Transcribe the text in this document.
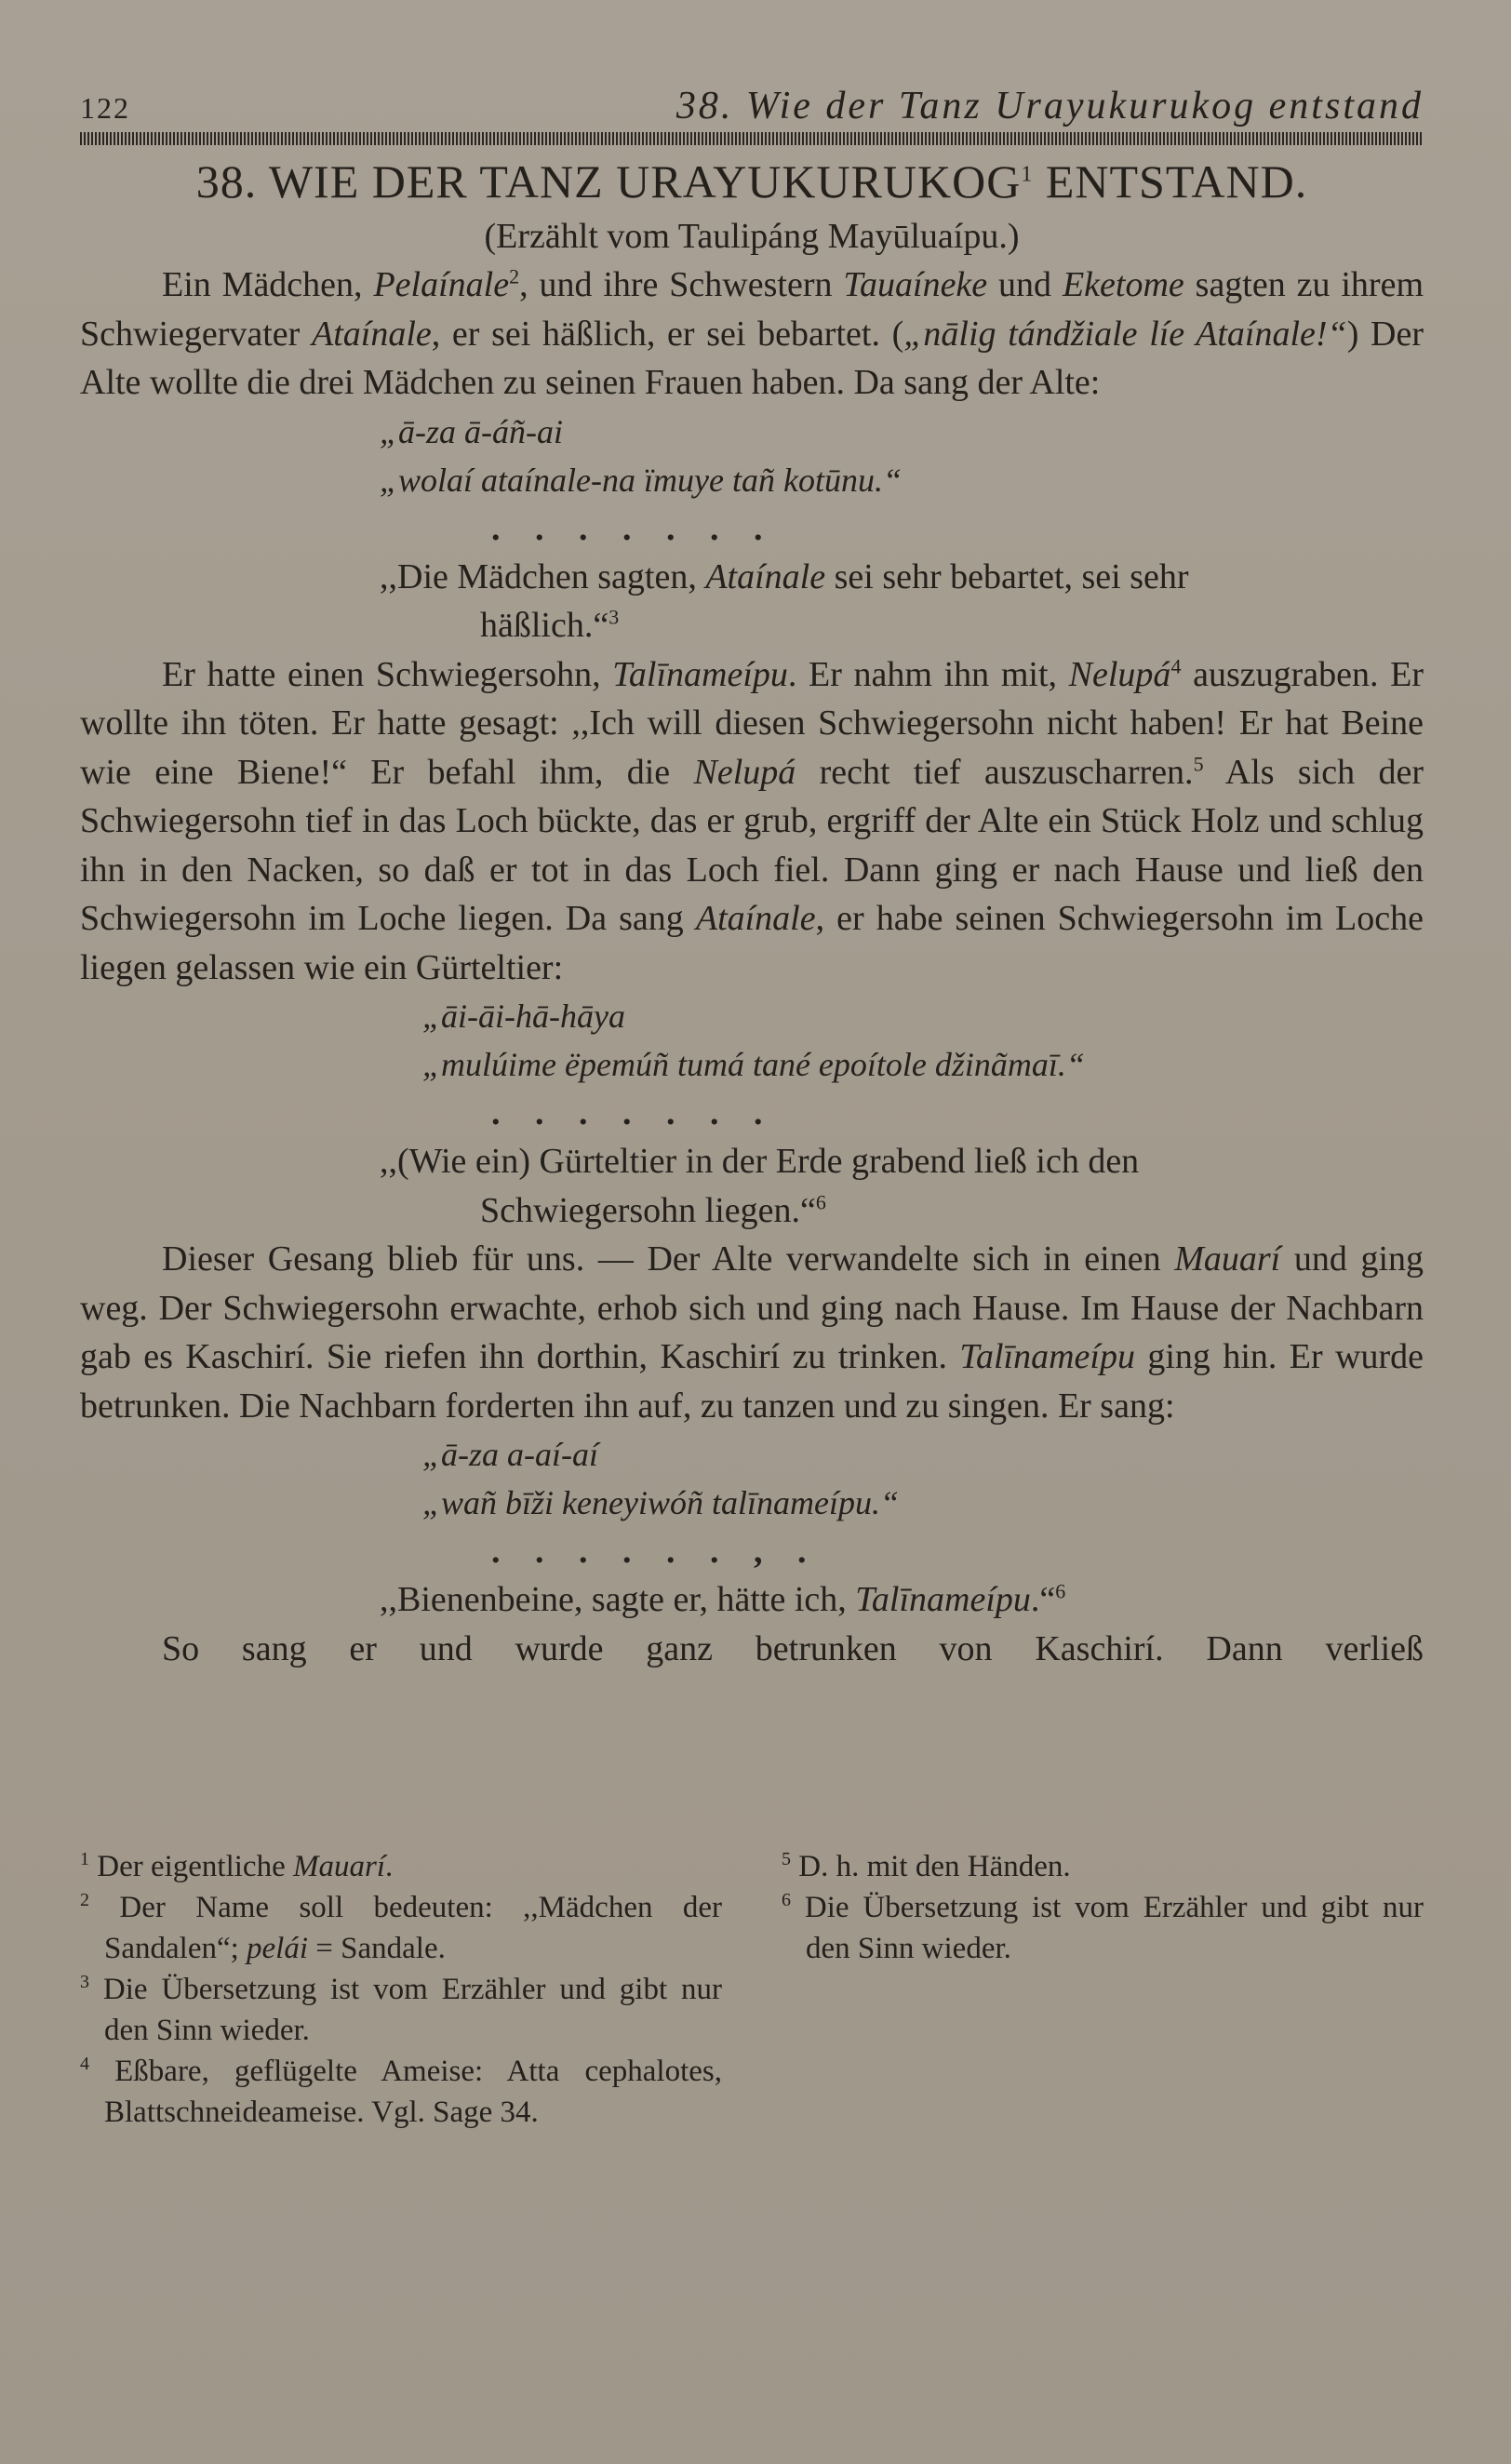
122	38. Wie der Tanz Urayukurukog entstand
38. WIE DER TANZ URAYUKURUKOG$^1$ ENTSTAND.
(Erzählt vom Taulipáng Mayūluaípu.)

Ein Mädchen, Pelaínale$^2$, und ihre Schwestern Tauaíneke und Eketome sagten zu ihrem Schwiegervater Ataínale, er sei häßlich, er sei bebartet. („nālig tándžiale líe Ataínale!“) Der Alte wollte die drei Mädchen zu seinen Frauen haben. Da sang der Alte:

„ā-za ā-áñ-ai
„wolaí ataínale-na ïmuye tañ kotūnu.“
. . . . . . .
,,Die Mädchen sagten, Ataínale sei sehr bebartet, sei sehr
häßlich.“$^3$

Er hatte einen Schwiegersohn, Talīnameípu. Er nahm ihn mit, Nelupá$^4$ auszugraben. Er wollte ihn töten. Er hatte gesagt: ,,Ich will diesen Schwiegersohn nicht haben! Er hat Beine wie eine Biene!“ Er befahl ihm, die Nelupá recht tief auszuscharren.$^5$ Als sich der Schwiegersohn tief in das Loch bückte, das er grub, ergriff der Alte ein Stück Holz und schlug ihn in den Nacken, so daß er tot in das Loch fiel. Dann ging er nach Hause und ließ den Schwiegersohn im Loche liegen. Da sang Ataínale, er habe seinen Schwiegersohn im Loche liegen gelassen wie ein Gürteltier:

„āi-āi-hā-hāya
„mulúime ëpemúñ tumá tané epoítole džinãmaī.“
. . . . . . .
,,(Wie ein) Gürteltier in der Erde grabend ließ ich den
Schwiegersohn liegen.“$^6$

Dieser Gesang blieb für uns. — Der Alte verwandelte sich in einen Mauarí und ging weg. Der Schwiegersohn erwachte, erhob sich und ging nach Hause. Im Hause der Nachbarn gab es Kaschirí. Sie riefen ihn dorthin, Kaschirí zu trinken. Talīnameípu ging hin. Er wurde betrunken. Die Nachbarn forderten ihn auf, zu tanzen und zu singen. Er sang:

„ā-za a-aí-aí
„wañ bīži keneyiwóñ talīnameípu.“
. . . . . . , .
,,Bienenbeine, sagte er, hätte ich, Talīnameípu.“$^6$

So sang er und wurde ganz betrunken von Kaschirí. Dann verließ

$^1$ Der eigentliche Mauarí.
$^2$ Der Name soll bedeuten: ,,Mädchen der Sandalen“; pelái = Sandale.
$^3$ Die Übersetzung ist vom Erzähler und gibt nur den Sinn wieder.
$^4$ Eßbare, geflügelte Ameise: Atta cephalotes, Blattschneideameise. Vgl. Sage 34.
$^5$ D. h. mit den Händen.
$^6$ Die Übersetzung ist vom Erzähler und gibt nur den Sinn wieder.
